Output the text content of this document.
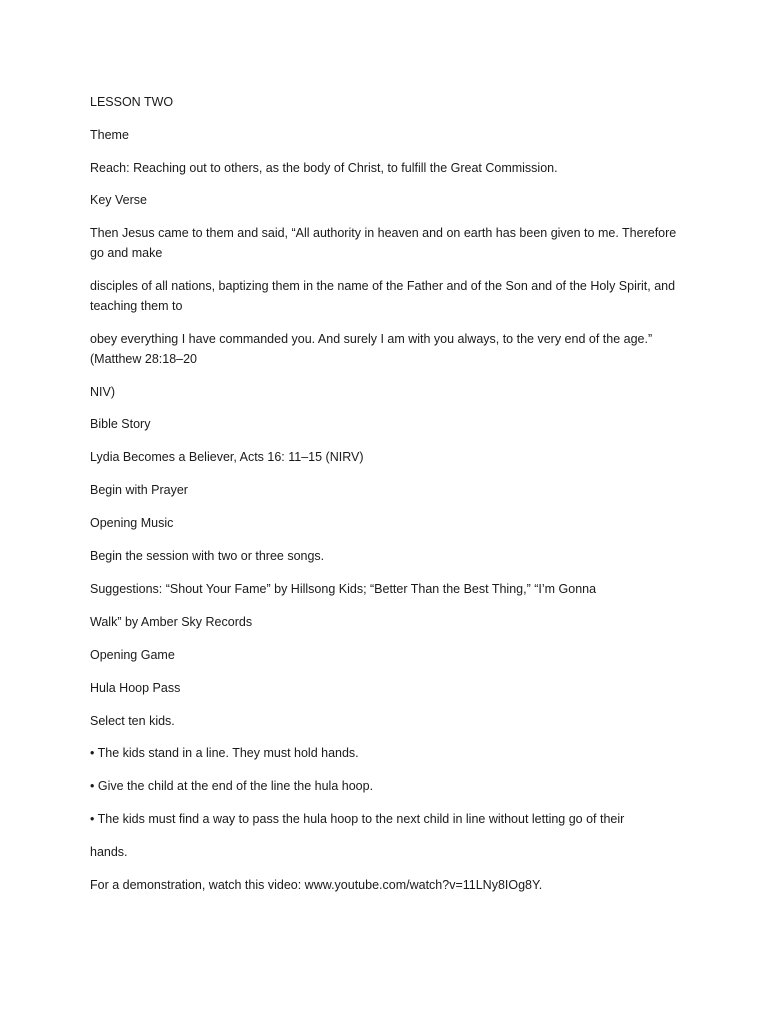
LESSON TWO

Theme

Reach: Reaching out to others, as the body of Christ, to fulfill the Great Commission.

Key Verse

Then Jesus came to them and said, “All authority in heaven and on earth has been given to me. Therefore go and make

disciples of all nations, baptizing them in the name of the Father and of the Son and of the Holy Spirit, and teaching them to

obey everything I have commanded you. And surely I am with you always, to the very end of the age.” (Matthew 28:18–20

NIV)

Bible Story

Lydia Becomes a Believer, Acts 16: 11–15 (NIRV)

Begin with Prayer

Opening Music

Begin the session with two or three songs.

Suggestions: “Shout Your Fame” by Hillsong Kids; “Better Than the Best Thing,” “I’m Gonna

Walk” by Amber Sky Records

Opening Game

Hula Hoop Pass

Select ten kids.

• The kids stand in a line. They must hold hands.

• Give the child at the end of the line the hula hoop.

• The kids must find a way to pass the hula hoop to the next child in line without letting go of their

hands.

For a demonstration, watch this video: www.youtube.com/watch?v=11LNy8IOg8Y.
